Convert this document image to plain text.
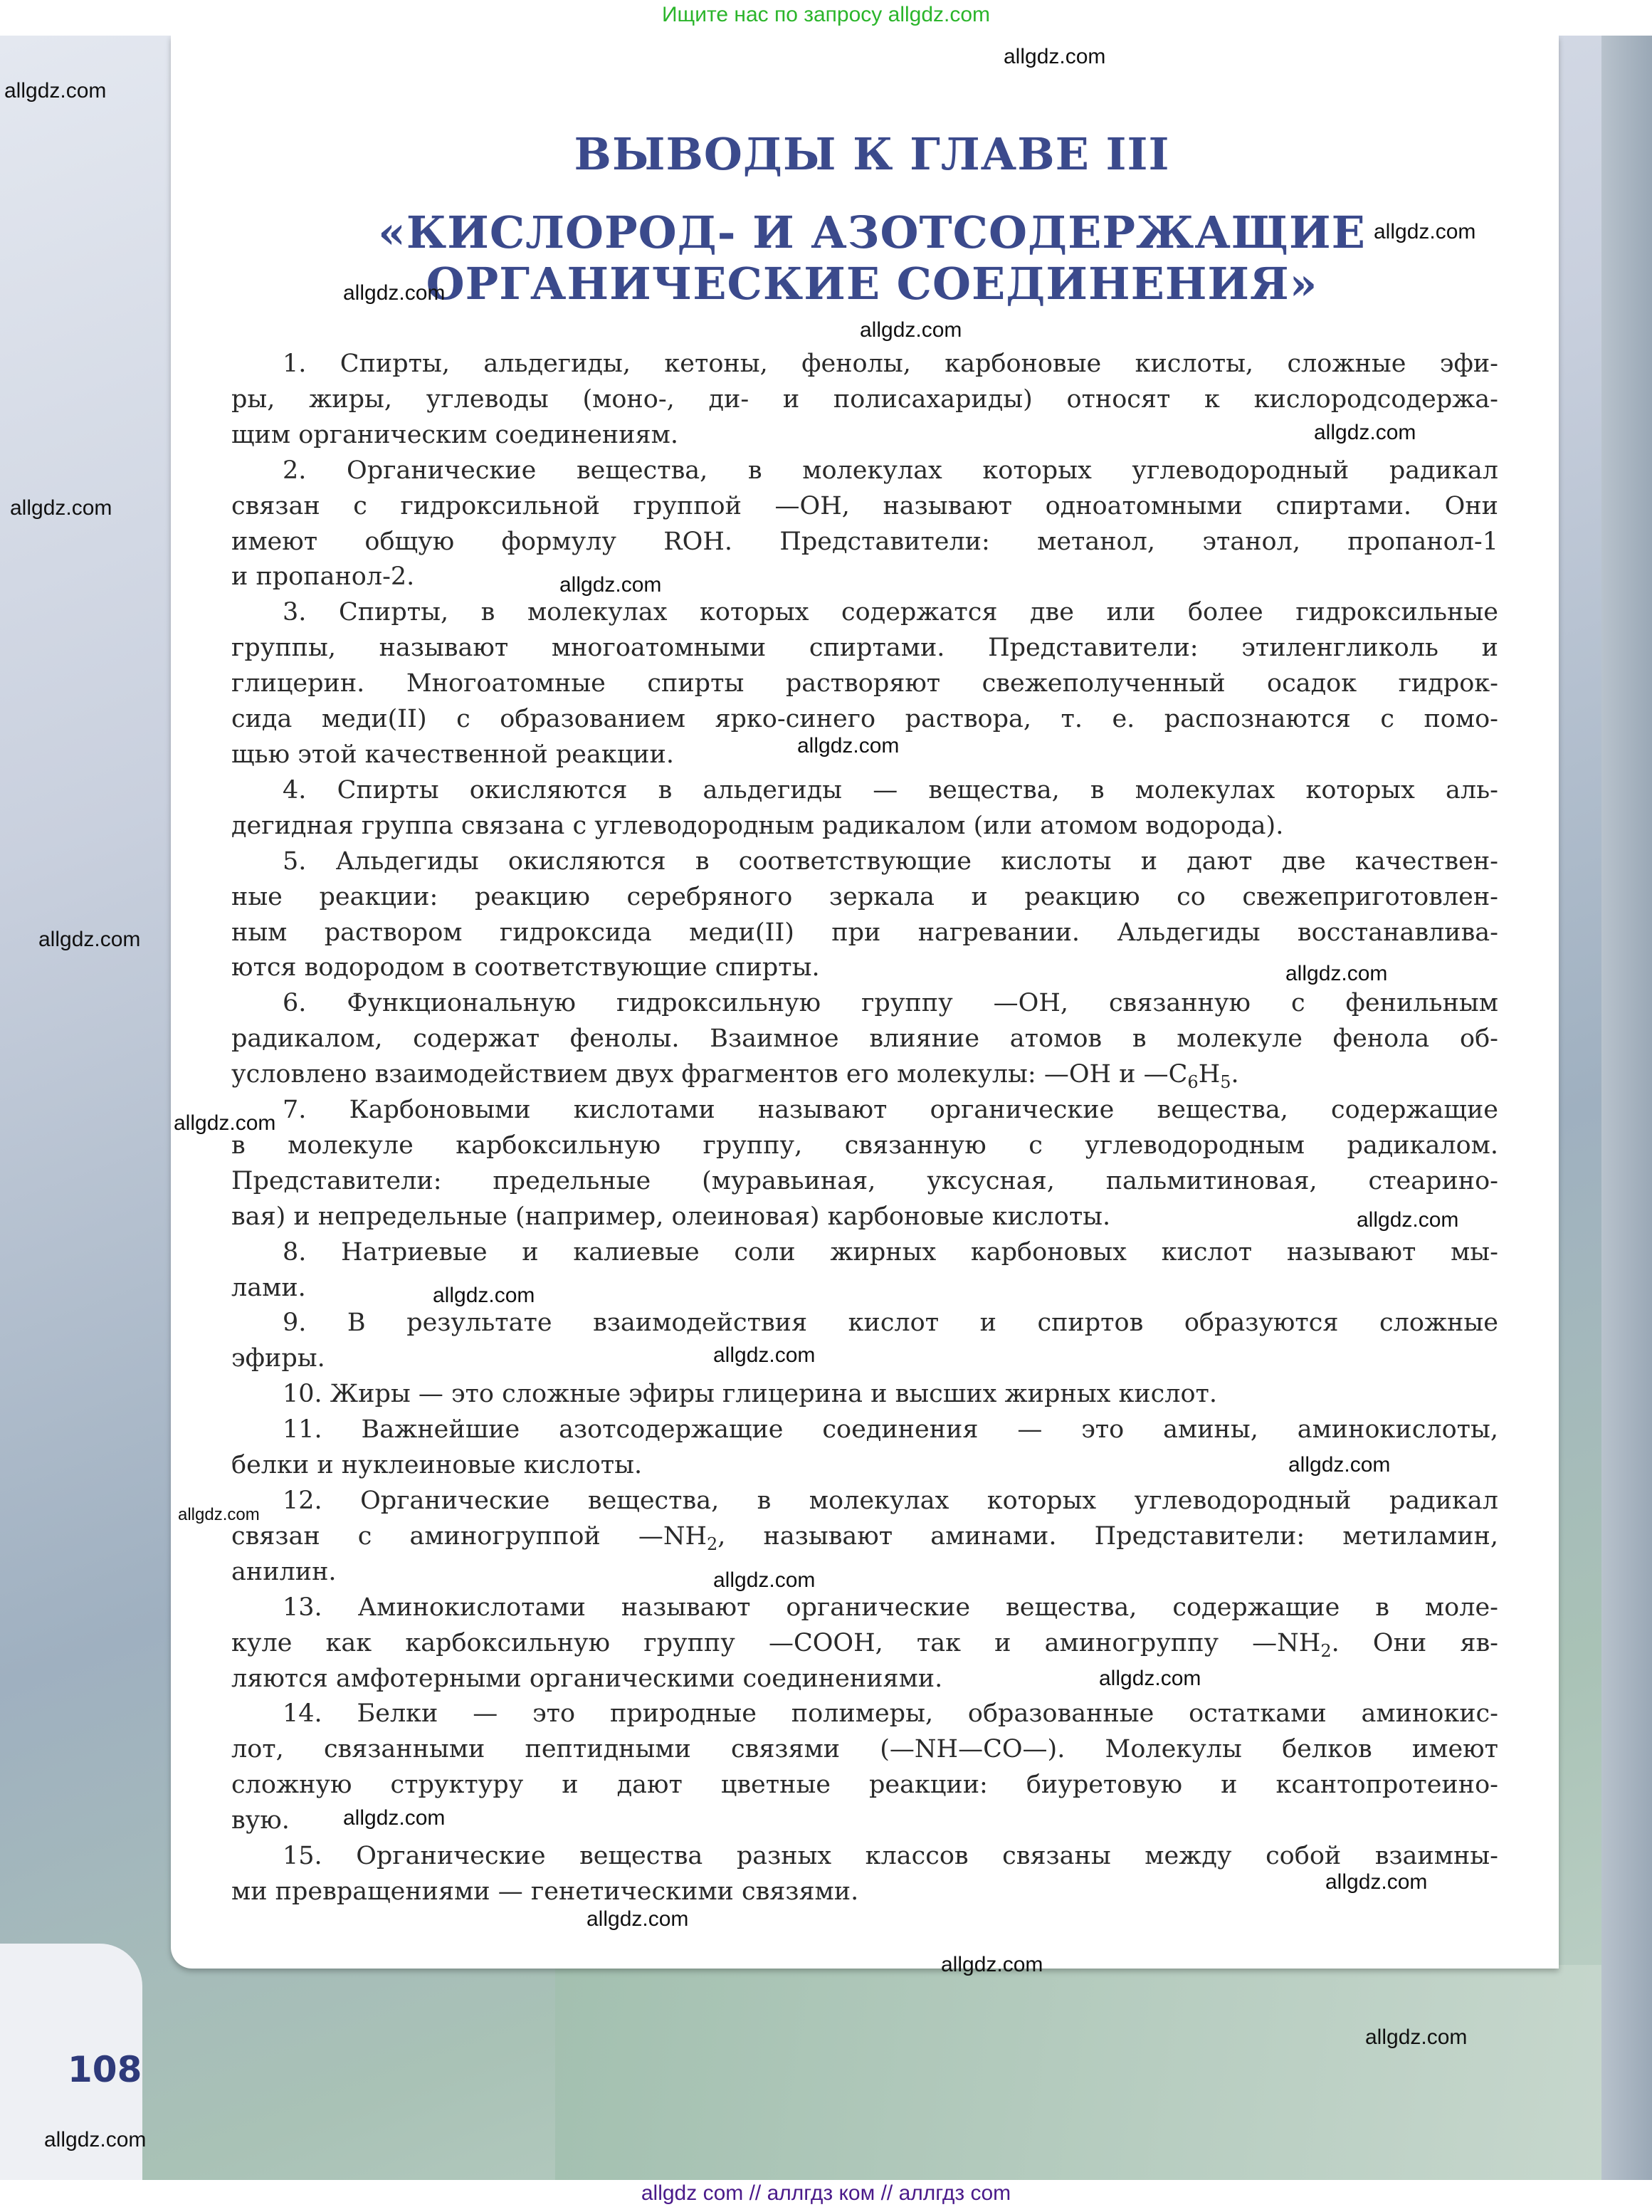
Ищите нас по запросу allgdz.com
ВЫВОДЫ К ГЛАВЕ III
«КИСЛОРОД- И АЗОТСОДЕРЖАЩИЕ
ОРГАНИЧЕСКИЕ СОЕДИНЕНИЯ»
1. Спирты, альдегиды, кетоны, фенолы, карбоновые кислоты, сложные эфи-
ры, жиры, углеводы (моно-, ди- и полисахариды) относят к кислородсодержа-
щим органическим соединениям.
2. Органические вещества, в молекулах которых углеводородный радикал
связан с гидроксильной группой —OH, называют одноатомными спиртами. Они
имеют общую формулу ROH. Представители: метанол, этанол, пропанол-1
и пропанол-2.
3. Спирты, в молекулах которых содержатся две или более гидроксильные
группы, называют многоатомными спиртами. Представители: этиленгликоль и
глицерин. Многоатомные спирты растворяют свежеполученный осадок гидрок-
сида меди(II) с образованием ярко-синего раствора, т. е. распознаются с помо-
щью этой качественной реакции.
4. Спирты окисляются в альдегиды — вещества, в молекулах которых аль-
дегидная группа связана с углеводородным радикалом (или атомом водорода).
5. Альдегиды окисляются в соответствующие кислоты и дают две качествен-
ные реакции: реакцию серебряного зеркала и реакцию со свежеприготовлен-
ным раствором гидроксида меди(II) при нагревании. Альдегиды восстанавлива-
ются водородом в соответствующие спирты.
6. Функциональную гидроксильную группу —OH, связанную с фенильным
радикалом, содержат фенолы. Взаимное влияние атомов в молекуле фенола об-
условлено взаимодействием двух фрагментов его молекулы: —OH и $—C_6H_5$.
7. Карбоновыми кислотами называют органические вещества, содержащие
в молекуле карбоксильную группу, связанную с углеводородным радикалом.
Представители: предельные (муравьиная, уксусная, пальмитиновая, стеарино-
вая) и непредельные (например, олеиновая) карбоновые кислоты.
8. Натриевые и калиевые соли жирных карбоновых кислот называют мы-
лами.
9. В результате взаимодействия кислот и спиртов образуются сложные
эфиры.
10. Жиры — это сложные эфиры глицерина и высших жирных кислот.
11. Важнейшие азотсодержащие соединения — это амины, аминокислоты,
белки и нуклеиновые кислоты.
12. Органические вещества, в молекулах которых углеводородный радикал
связан с аминогруппой $—NH_2$, называют аминами. Представители: метиламин,
анилин.
13. Аминокислотами называют органические вещества, содержащие в моле-
куле как карбоксильную группу —COOH, так и аминогруппу $—NH_2$. Они яв-
ляются амфотерными органическими соединениями.
14. Белки — это природные полимеры, образованные остатками аминокис-
лот, связанными пептидными связями (—NH—CO—). Молекулы белков имеют
сложную структуру и дают цветные реакции: биуретовую и ксантопротеино-
вую.
15. Органические вещества разных классов связаны между собой взаимны-
ми превращениями — генетическими связями.
108
allgdz.com
allgdz.com
allgdz.com
allgdz.com
allgdz.com
allgdz.com
allgdz.com
allgdz.com
allgdz.com
allgdz.com
allgdz.com
allgdz.com
allgdz.com
allgdz.com
allgdz.com
allgdz.com
allgdz.com
allgdz.com
allgdz.com
allgdz.com
allgdz.com
allgdz.com
allgdz.com
allgdz.com
allgdz.com
allgdz com // аллгдз ком // аллгдз com
